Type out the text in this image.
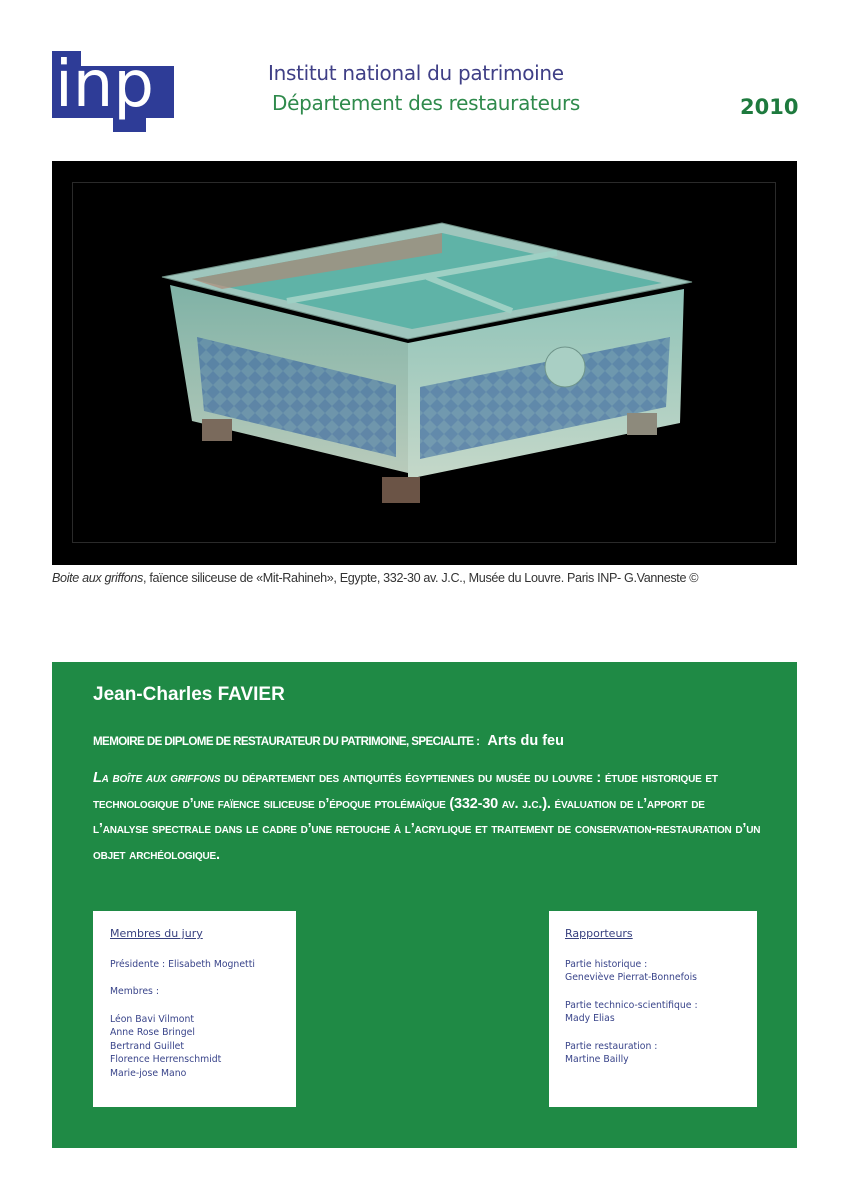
inp	Institut national du patrimoine
Département des restaurateurs	2010
Boite aux griffons, faïence siliceuse de «Mit-Rahineh», Egypte, 332-30 av. J.C., Musée du Louvre. Paris INP- G.Vanneste ©
Jean-Charles FAVIER
MEMOIRE DE DIPLOME DE RESTAURATEUR DU PATRIMOINE, SPECIALITE : Arts du feu
La boîte aux griffons du département des antiquités égyptiennes du musée du louvre : étude historique et technologique d’une faïence siliceuse d’époque ptolémaïque (332-30 av. j.c.). évaluation de l’apport de l’analyse spectrale dans le cadre d’une retouche à l’acrylique et traitement de conservation-restauration d’un objet archéologique.
Membres du jury
Présidente : Elisabeth Mognetti
Membres :
Léon Bavi Vilmont
Anne Rose Bringel
Bertrand Guillet
Florence Herrenschmidt
Marie-josе Mano
Rapporteurs
Partie historique :
Geneviève Pierrat-Bonnefois
Partie technico-scientifique :
Mady Elias
Partie restauration :
Martine Bailly
